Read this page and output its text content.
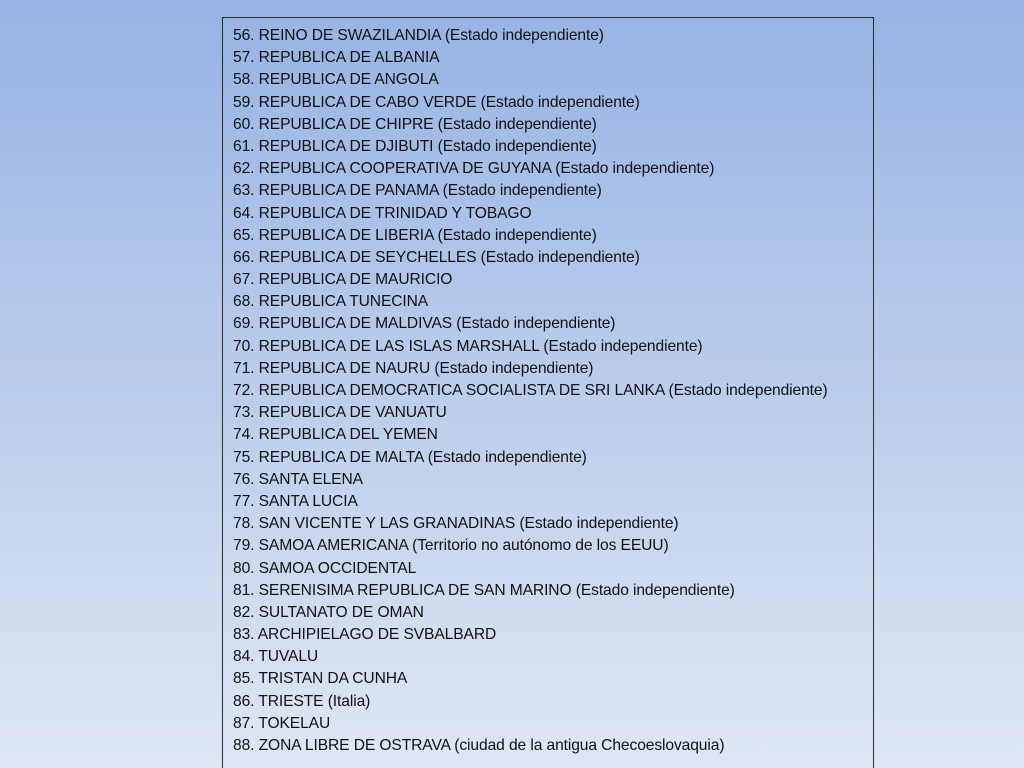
56. REINO DE SWAZILANDIA (Estado independiente)
57. REPUBLICA DE ALBANIA
58. REPUBLICA DE ANGOLA
59. REPUBLICA DE CABO VERDE (Estado independiente)
60. REPUBLICA DE CHIPRE (Estado independiente)
61. REPUBLICA DE DJIBUTI (Estado independiente)
62. REPUBLICA COOPERATIVA DE GUYANA (Estado independiente)
63. REPUBLICA DE PANAMA (Estado independiente)
64. REPUBLICA DE TRINIDAD Y TOBAGO
65. REPUBLICA DE LIBERIA (Estado independiente)
66. REPUBLICA DE SEYCHELLES (Estado independiente)
67. REPUBLICA DE MAURICIO
68. REPUBLICA TUNECINA
69. REPUBLICA DE MALDIVAS (Estado independiente)
70. REPUBLICA DE LAS ISLAS MARSHALL (Estado independiente)
71. REPUBLICA DE NAURU (Estado independiente)
72. REPUBLICA DEMOCRATICA SOCIALISTA DE SRI LANKA (Estado independiente)
73. REPUBLICA DE VANUATU
74. REPUBLICA DEL YEMEN
75. REPUBLICA DE MALTA (Estado independiente)
76. SANTA ELENA
77. SANTA LUCIA
78. SAN VICENTE Y LAS GRANADINAS (Estado independiente)
79. SAMOA AMERICANA (Territorio no autónomo de los EEUU)
80. SAMOA OCCIDENTAL
81. SERENISIMA REPUBLICA DE SAN MARINO (Estado independiente)
82. SULTANATO DE OMAN
83. ARCHIPIELAGO DE SVBALBARD
84. TUVALU
85. TRISTAN DA CUNHA
86. TRIESTE (Italia)
87. TOKELAU
88. ZONA LIBRE DE OSTRAVA (ciudad de la antigua Checoeslovaquia)
